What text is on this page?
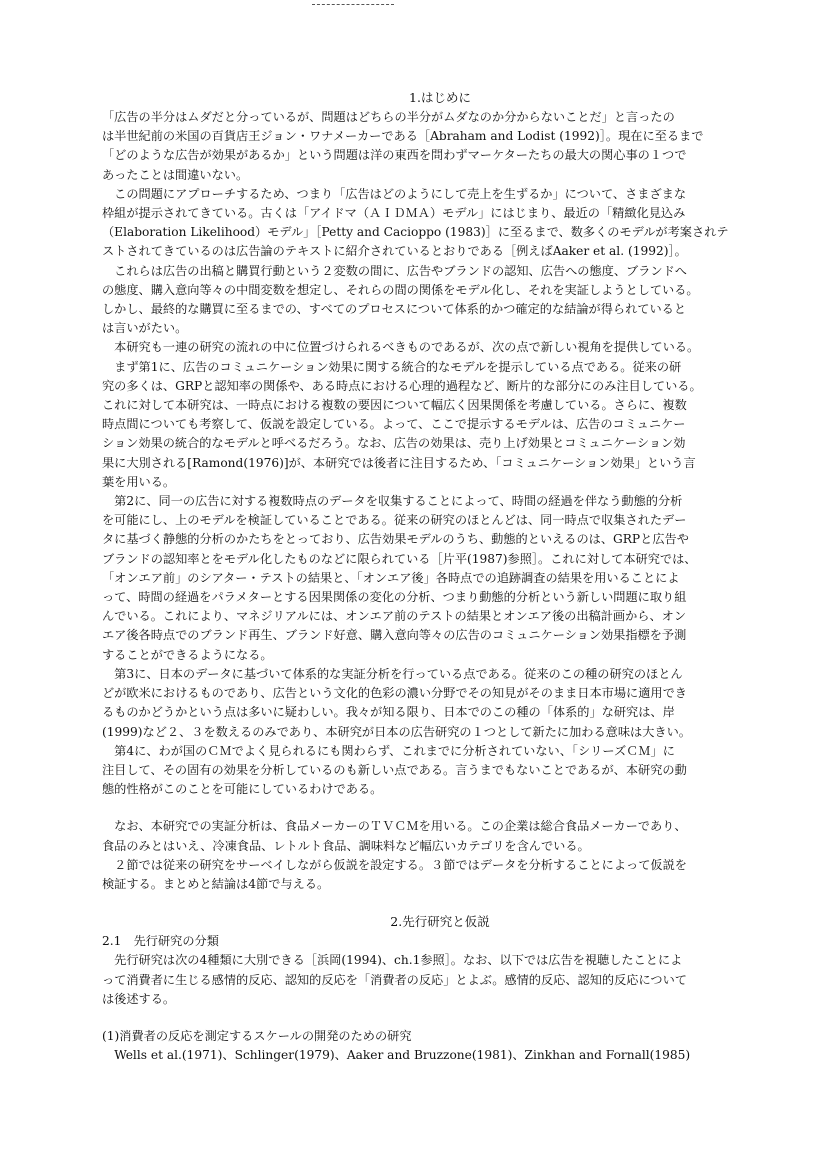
1.はじめに

「広告の半分はムダだと分っているが、問題はどちらの半分がムダなのか分からないことだ」と言ったの
は半世紀前の米国の百貨店王ジョン・ワナメーカーである［Abraham and Lodist (1992)］。現在に至るまで
「どのような広告が効果があるか」という問題は洋の東西を問わずマーケターたちの最大の関心事の１つで
あったことは間違いない。

　この問題にアプローチするため、つまり「広告はどのようにして売上を生ずるか」について、さまざまな
枠組が提示されてきている。古くは「アイドマ（ＡＩＤＭＡ）モデル」にはじまり、最近の「精緻化見込み
（Elaboration Likelihood）モデル」［Petty and Cacioppo (1983)］に至るまで、数多くのモデルが考案されテ
ストされてきているのは広告論のテキストに紹介されているとおりである［例えばAaker et al. (1992)］。

　これらは広告の出稿と購買行動という２変数の間に、広告やブランドの認知、広告への態度、ブランドへ
の態度、購入意向等々の中間変数を想定し、それらの間の関係をモデル化し、それを実証しようとしている。
しかし、最終的な購買に至るまでの、すべてのプロセスについて体系的かつ確定的な結論が得られていると
は言いがたい。

　本研究も一連の研究の流れの中に位置づけられるべきものであるが、次の点で新しい視角を提供している。

　まず第1に、広告のコミュニケーション効果に関する統合的なモデルを提示している点である。従来の研
究の多くは、GRPと認知率の関係や、ある時点における心理的過程など、断片的な部分にのみ注目している。
これに対して本研究は、一時点における複数の要因について幅広く因果関係を考慮している。さらに、複数
時点間についても考察して、仮説を設定している。よって、ここで提示するモデルは、広告のコミュニケー
ション効果の統合的なモデルと呼べるだろう。なお、広告の効果は、売り上げ効果とコミュニケーション効
果に大別される[Ramond(1976)]が、本研究では後者に注目するため、「コミュニケーション効果」という言
葉を用いる。

　第2に、同一の広告に対する複数時点のデータを収集することによって、時間の経過を伴なう動態的分析
を可能にし、上のモデルを検証していることである。従来の研究のほとんどは、同一時点で収集されたデー
タに基づく静態的分析のかたちをとっており、広告効果モデルのうち、動態的といえるのは、GRPと広告や
ブランドの認知率とをモデル化したものなどに限られている［片平(1987)参照］。これに対して本研究では、
「オンエア前」のシアター・テストの結果と、「オンエア後」各時点での追跡調査の結果を用いることによ
って、時間の経過をパラメターとする因果関係の変化の分析、つまり動態的分析という新しい問題に取り組
んでいる。これにより、マネジリアルには、オンエア前のテストの結果とオンエア後の出稿計画から、オン
エア後各時点でのブランド再生、ブランド好意、購入意向等々の広告のコミュニケーション効果指標を予測
することができるようになる。

　第3に、日本のデータに基づいて体系的な実証分析を行っている点である。従来のこの種の研究のほとん
どが欧米におけるものであり、広告という文化的色彩の濃い分野でその知見がそのまま日本市場に適用でき
るものかどうかという点は多いに疑わしい。我々が知る限り、日本でのこの種の「体系的」な研究は、岸
(1999)など２、３を数えるのみであり、本研究が日本の広告研究の１つとして新たに加わる意味は大きい。

　第4に、わが国のＣＭでよく見られるにも関わらず、これまでに分析されていない、「シリーズＣＭ」に
注目して、その固有の効果を分析しているのも新しい点である。言うまでもないことであるが、本研究の動
態的性格がこのことを可能にしているわけである。

　なお、本研究での実証分析は、食品メーカーのＴＶＣＭを用いる。この企業は総合食品メーカーであり、
食品のみとはいえ、冷凍食品、レトルト食品、調味料など幅広いカテゴリを含んでいる。

　２節では従来の研究をサーベイしながら仮説を設定する。３節ではデータを分析することによって仮説を
検証する。まとめと結論は4節で与える。

2.先行研究と仮説

2.1　先行研究の分類

　先行研究は次の4種類に大別できる［浜岡(1994)、ch.1参照］。なお、以下では広告を視聴したことによ
って消費者に生じる感情的反応、認知的反応を「消費者の反応」とよぶ。感情的反応、認知的反応について
は後述する。

(1)消費者の反応を測定するスケールの開発のための研究

Wells et al.(1971)、Schlinger(1979)、Aaker and Bruzzone(1981)、Zinkhan and Fornall(1985)
